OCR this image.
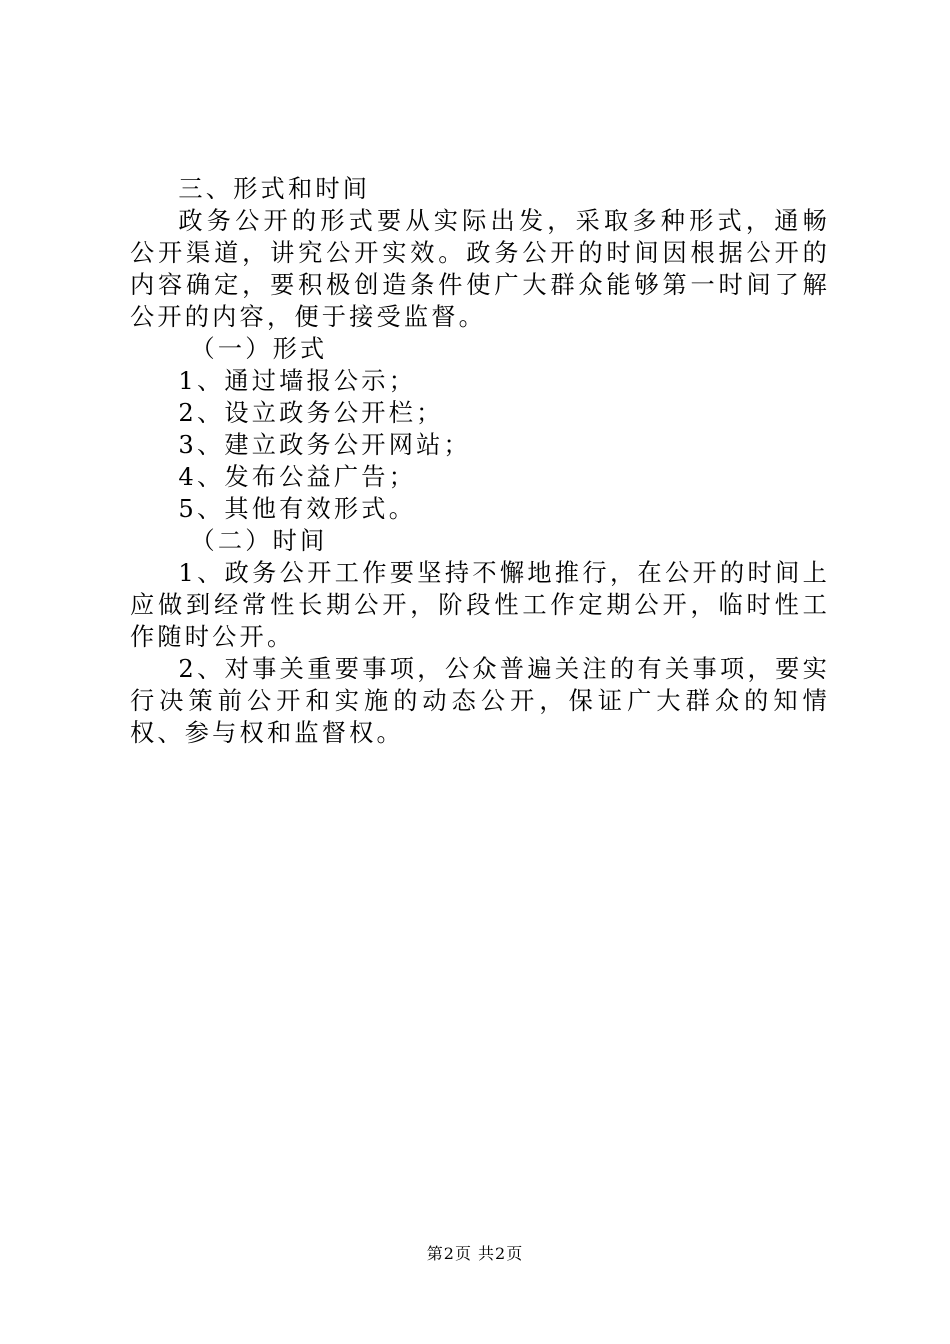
三、形式和时间

政务公开的形式要从实际出发，采取多种形式，通畅公开渠道，讲究公开实效。政务公开的时间因根据公开的内容确定，要积极创造条件使广大群众能够第一时间了解公开的内容，便于接受监督。

（一）形式

1、通过墙报公示；

2、设立政务公开栏；

3、建立政务公开网站；

4、发布公益广告；

5、其他有效形式。

（二）时间

1、政务公开工作要坚持不懈地推行，在公开的时间上应做到经常性长期公开，阶段性工作定期公开，临时性工作随时公开。

2、对事关重要事项，公众普遍关注的有关事项，要实行决策前公开和实施的动态公开，保证广大群众的知情权、参与权和监督权。

第2页 共2页
